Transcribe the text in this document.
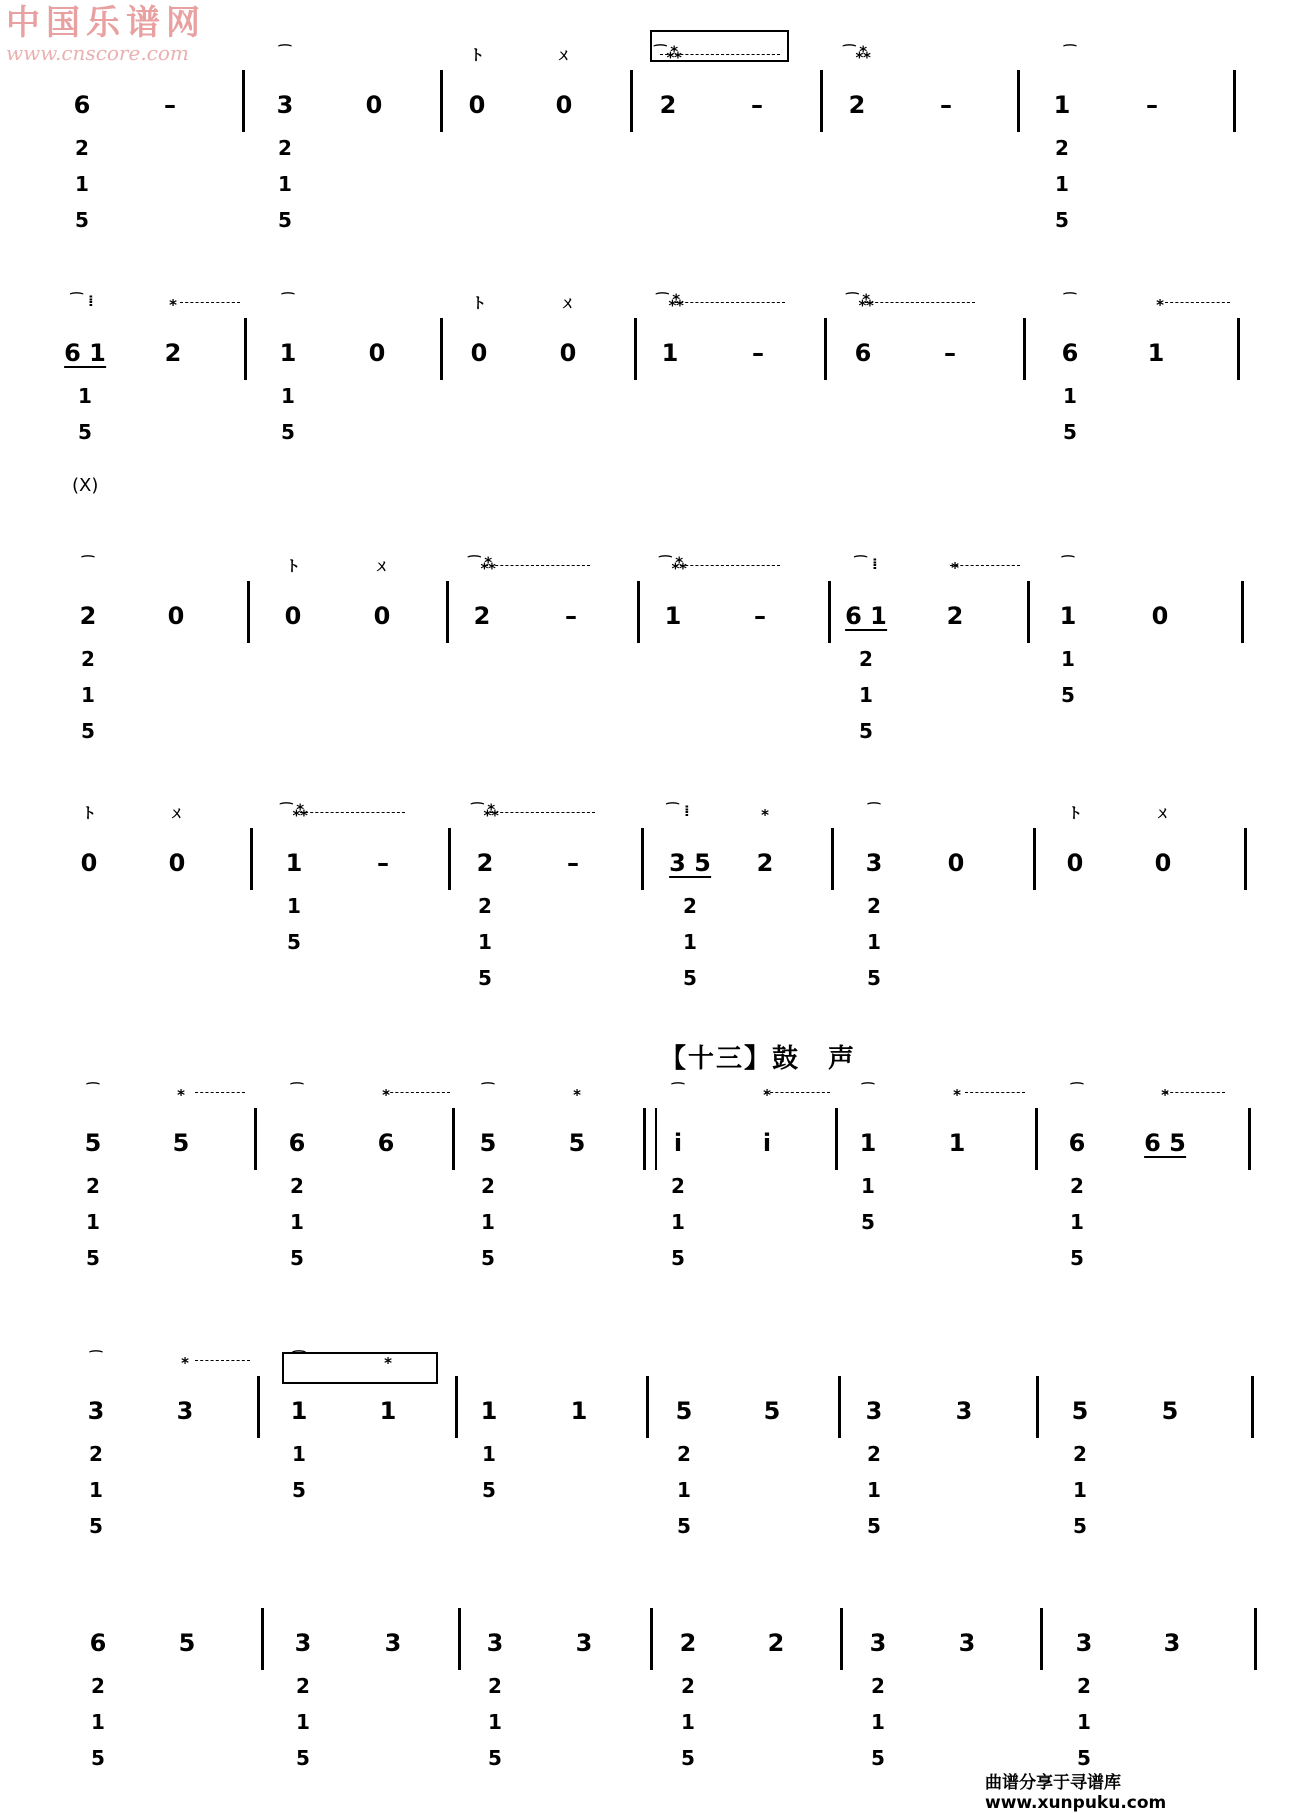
中国乐谱网
www.cnscore.com
6	–	3	0	0	0	2	–	2	–	1	–
2 1 5
2 1 5
2 1 5
⁀	ト	ㄨ	⁀⁂	⁀⁂	⁀
6 1 2	1	0	0	0	1	–	6	–	6	1
1 5
1 5
1 5
⁀ ⁞	⁎	⁀	ト	ㄨ	⁀⁂	⁀⁂	⁀	⁎
(X)
2	0	0	0	2	–	1	–	6 1 2	1	0
2 1 5
2 1 5
1 5
⁀	ト	ㄨ	⁀⁂	⁀⁂	⁀ ⁞	⁎	⁀
0	0	1	–	2	–	3 5 2	3	0	0	0
1 5
2 1 5
2 1 5
2 1 5
ト	ㄨ	⁀⁂	⁀⁂	⁀ ⁞	⁎	⁀	ト	ㄨ
5	5	6	6	5	5	i	i	1	1	6 6 5
2 1 5
2 1 5
2 1 5
2 1 5
1 5
2 1 5
⁀	⁎	⁀	⁎	⁀	⁎	⁀	⁎	⁀	⁎	⁀	⁎
3	3	1	1	1	1	5	5	3	3	5	5
2 1 5
1 5
1 5
2 1 5
2 1 5
2 1 5
⁀	⁎	⁀	⁎
6	5	3	3	3	3	2	2	3	3	3	3
2 1 5
2 1 5
2 1 5
2 1 5
2 1 5
2 1 5
【十三】鼓　声
曲谱分享于寻谱库 www.xunpuku.com
